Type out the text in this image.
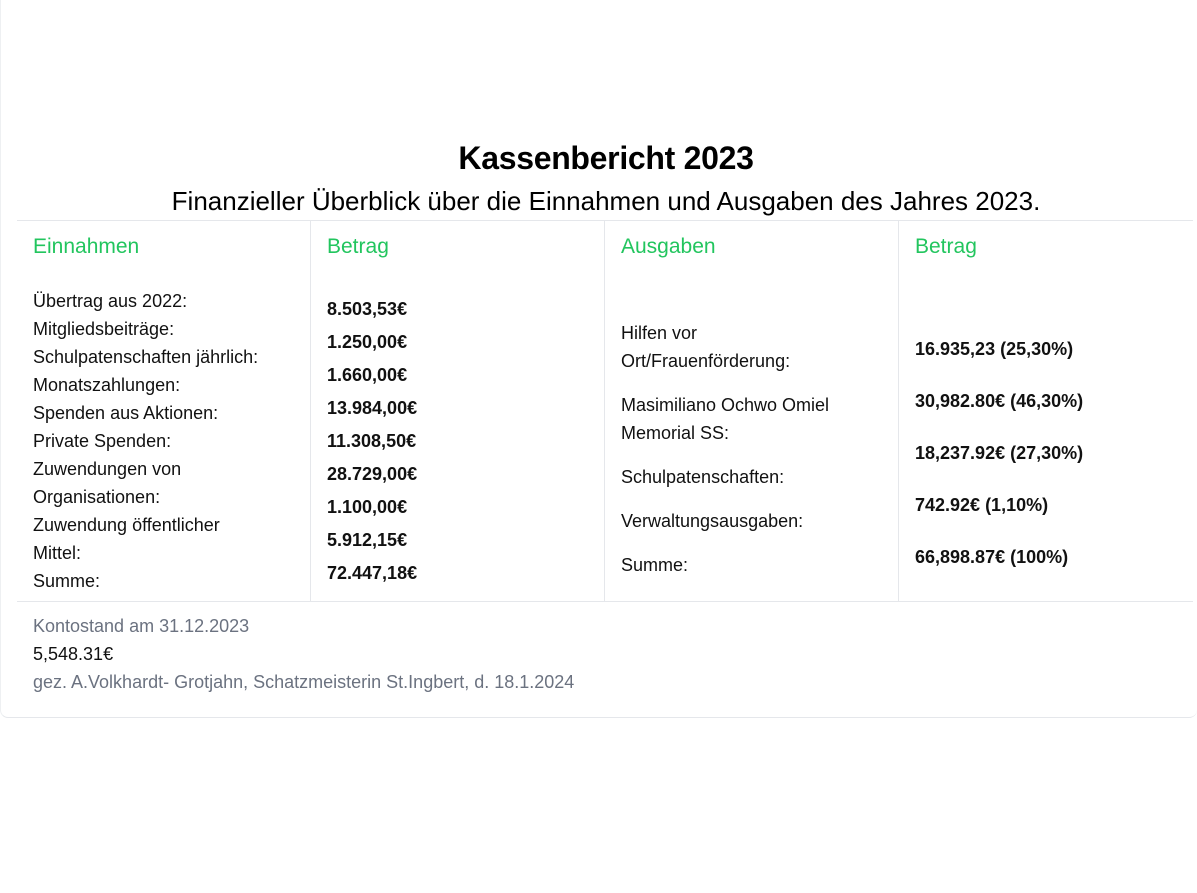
Kassenbericht 2023
Finanzieller Überblick über die Einnahmen und Ausgaben des Jahres 2023.
Einnahmen
Übertrag aus 2022:
Mitgliedsbeiträge:
Schulpatenschaften jährlich:
Monatszahlungen:
Spenden aus Aktionen:
Private Spenden:
Zuwendungen von
Organisationen:
Zuwendung öffentlicher
Mittel:
Summe:
Betrag
8.503,53€
1.250,00€
1.660,00€
13.984,00€
11.308,50€
28.729,00€
1.100,00€
5.912,15€
72.447,18€
Ausgaben
Hilfen vor Ort/Frauenförderung:
Masimiliano Ochwo Omiel Memorial SS:
Schulpatenschaften:
Verwaltungsausgaben:
Summe:
Betrag
16.935,23 (25,30%)
30,982.80€ (46,30%)
18,237.92€ (27,30%)
742.92€ (1,10%)
66,898.87€ (100%)
Kontostand am 31.12.2023
5,548.31€
gez. A.Volkhardt- Grotjahn, Schatzmeisterin St.Ingbert, d. 18.1.2024
